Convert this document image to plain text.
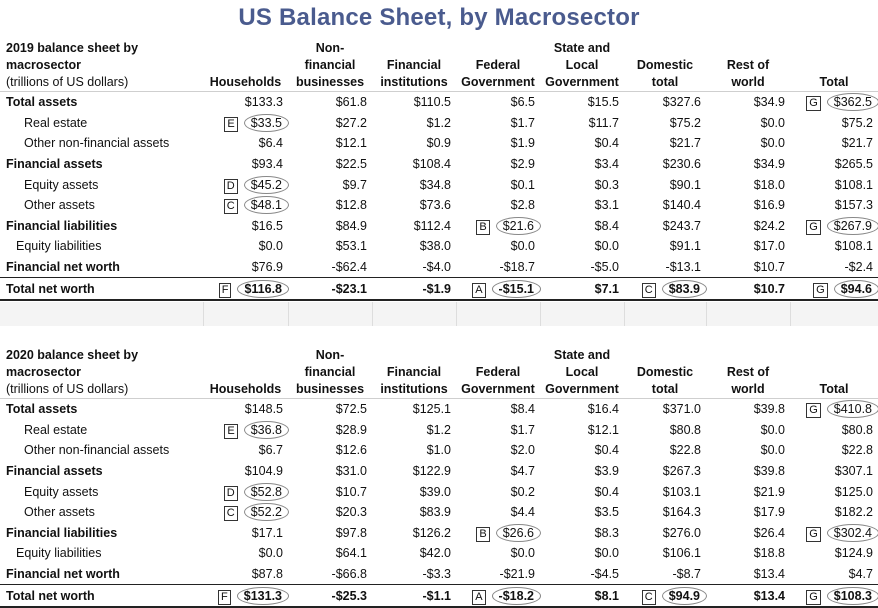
US Balance Sheet, by Macrosector
2019 balance sheet by
macrosector
(trillions of US dollars)	Households	Non-
financial
businesses	Financial
institutions	Federal
Government	State and
Local
Government	Domestic
total	Rest of
world	Total
Total assets	$133.3	$61.8	$110.5	$6.5	$15.5	$327.6	$34.9	G $362.5
Real estate	E $33.5	$27.2	$1.2	$1.7	$11.7	$75.2	$0.0	$75.2
Other non-financial assets	$6.4	$12.1	$0.9	$1.9	$0.4	$21.7	$0.0	$21.7
Financial assets	$93.4	$22.5	$108.4	$2.9	$3.4	$230.6	$34.9	$265.5
Equity assets	D $45.2	$9.7	$34.8	$0.1	$0.3	$90.1	$18.0	$108.1
Other assets	C $48.1	$12.8	$73.6	$2.8	$3.1	$140.4	$16.9	$157.3
Financial liabilities	$16.5	$84.9	$112.4	B $21.6	$8.4	$243.7	$24.2	G $267.9
Equity liabilities	$0.0	$53.1	$38.0	$0.0	$0.0	$91.1	$17.0	$108.1
Financial net worth	$76.9	-$62.4	-$4.0	-$18.7	-$5.0	-$13.1	$10.7	-$2.4
Total net worth	F $116.8	-$23.1	-$1.9	A -$15.1	$7.1	C $83.9	$10.7	G $94.6
2020 balance sheet by
macrosector
(trillions of US dollars)	Households	Non-
financial
businesses	Financial
institutions	Federal
Government	State and
Local
Government	Domestic
total	Rest of
world	Total
Total assets	$148.5	$72.5	$125.1	$8.4	$16.4	$371.0	$39.8	G $410.8
Real estate	E $36.8	$28.9	$1.2	$1.7	$12.1	$80.8	$0.0	$80.8
Other non-financial assets	$6.7	$12.6	$1.0	$2.0	$0.4	$22.8	$0.0	$22.8
Financial assets	$104.9	$31.0	$122.9	$4.7	$3.9	$267.3	$39.8	$307.1
Equity assets	D $52.8	$10.7	$39.0	$0.2	$0.4	$103.1	$21.9	$125.0
Other assets	C $52.2	$20.3	$83.9	$4.4	$3.5	$164.3	$17.9	$182.2
Financial liabilities	$17.1	$97.8	$126.2	B $26.6	$8.3	$276.0	$26.4	G $302.4
Equity liabilities	$0.0	$64.1	$42.0	$0.0	$0.0	$106.1	$18.8	$124.9
Financial net worth	$87.8	-$66.8	-$3.3	-$21.9	-$4.5	-$8.7	$13.4	$4.7
Total net worth	F $131.3	-$25.3	-$1.1	A -$18.2	$8.1	C $94.9	$13.4	G $108.3
